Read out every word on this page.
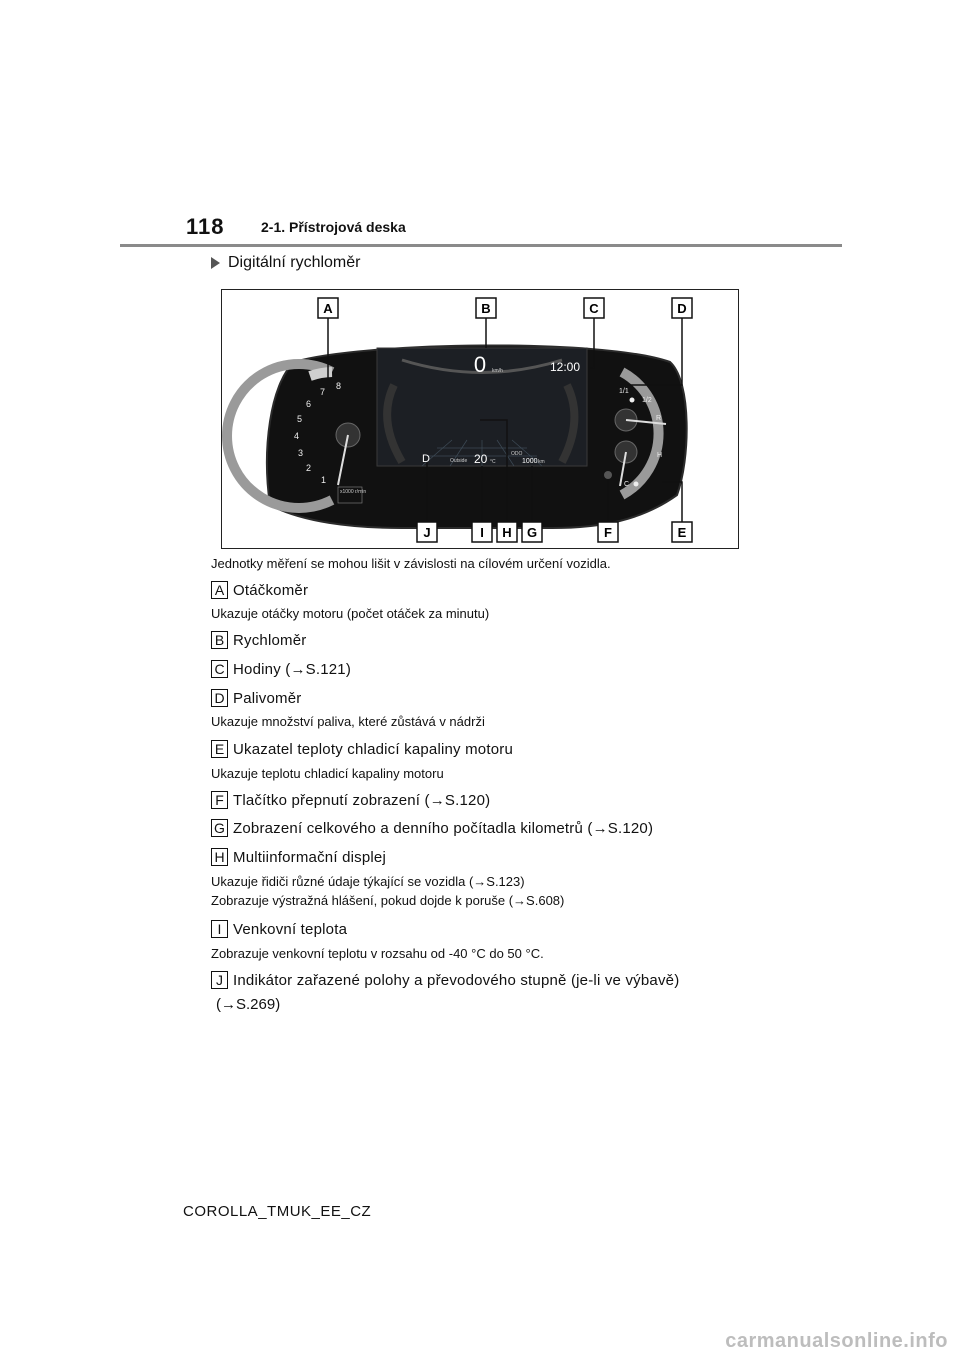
118	2-1. Přístrojová deska
Digitální rychloměr
1
2
3
4
5
6
7
8
x1000 r/min
1/1
1/2
R
H
C
0 km/h	12:00
D	Outside 20 °C
ODO
1000 km
A	B	C	D
J	I H G	F	E
Jednotky měření se mohou lišit v závislosti na cílovém určení vozidla.
A Otáčkoměr
Ukazuje otáčky motoru (počet otáček za minutu)
B Rychloměr
C Hodiny (→S.121)
D Palivoměr
Ukazuje množství paliva, které zůstává v nádrži
E Ukazatel teploty chladicí kapaliny motoru
Ukazuje teplotu chladicí kapaliny motoru
F Tlačítko přepnutí zobrazení (→S.120)
G Zobrazení celkového a denního počítadla kilometrů (→S.120)
H Multiinformační displej
Ukazuje řidiči různé údaje týkající se vozidla (→S.123)
Zobrazuje výstražná hlášení, pokud dojde k poruše (→S.608)
I Venkovní teplota
Zobrazuje venkovní teplotu v rozsahu od -40 °C do 50 °C.
J Indikátor zařazené polohy a převodového stupně (je-li ve výbavě)
(→S.269)
COROLLA_TMUK_EE_CZ
carmanualsonline.info
